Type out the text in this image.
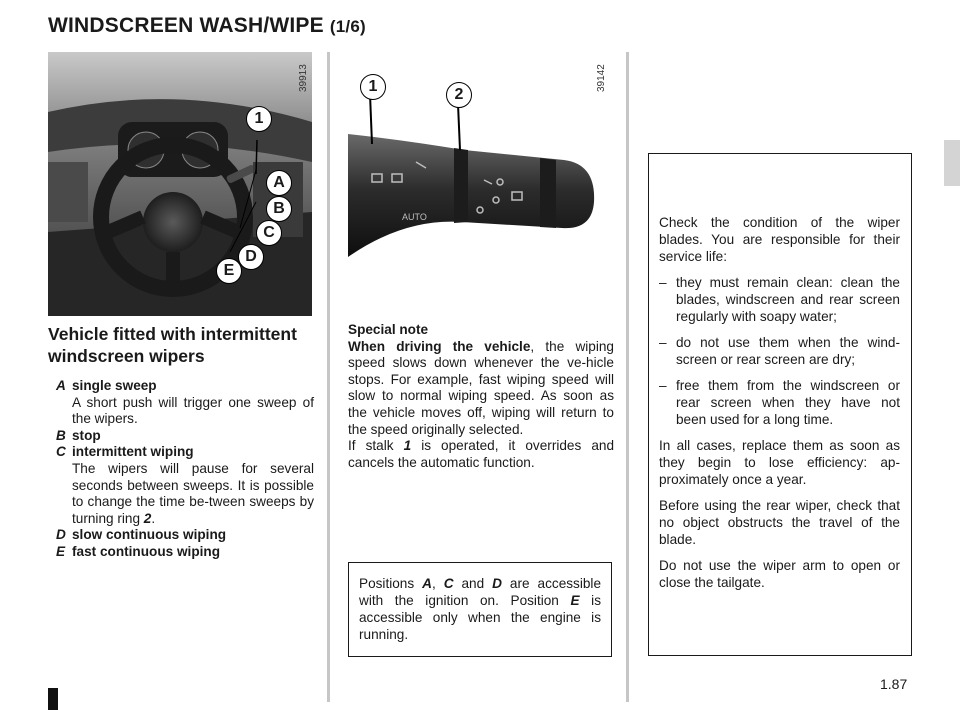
WINDSCREEN WASH/WIPE (1/6)
1
A
B
C
D
E
39913
AUTO
1	2
39142
Vehicle fitted with intermittent windscreen wipers
A single sweep
A short push will trigger one sweep of the wipers.
B stop
C intermittent wiping
The wipers will pause for several seconds between sweeps. It is possible to change the time be-tween sweeps by turning ring 2.
D slow continuous wiping
E fast continuous wiping
Special note
When driving the vehicle, the wiping speed slows down whenever the ve-hicle stops. For example, fast wiping speed will slow to normal wiping speed. As soon as the vehicle moves off, wiping will return to the speed originally selected.
If stalk 1 is operated, it overrides and cancels the automatic function.
Positions A, C and D are accessible with the ignition on. Position E is accessible only when the engine is running.

Check the condition of the wiper blades. You are responsible for their service life:

– they must remain clean: clean the blades, windscreen and rear screen regularly with soapy water;
– do not use them when the wind-screen or rear screen are dry;
– free them from the windscreen or rear screen when they have not been used for a long time.

In all cases, replace them as soon as they begin to lose efficiency: ap-proximately once a year.

Before using the rear wiper, check that no object obstructs the travel of the blade.

Do not use the wiper arm to open or close the tailgate.

1.87
